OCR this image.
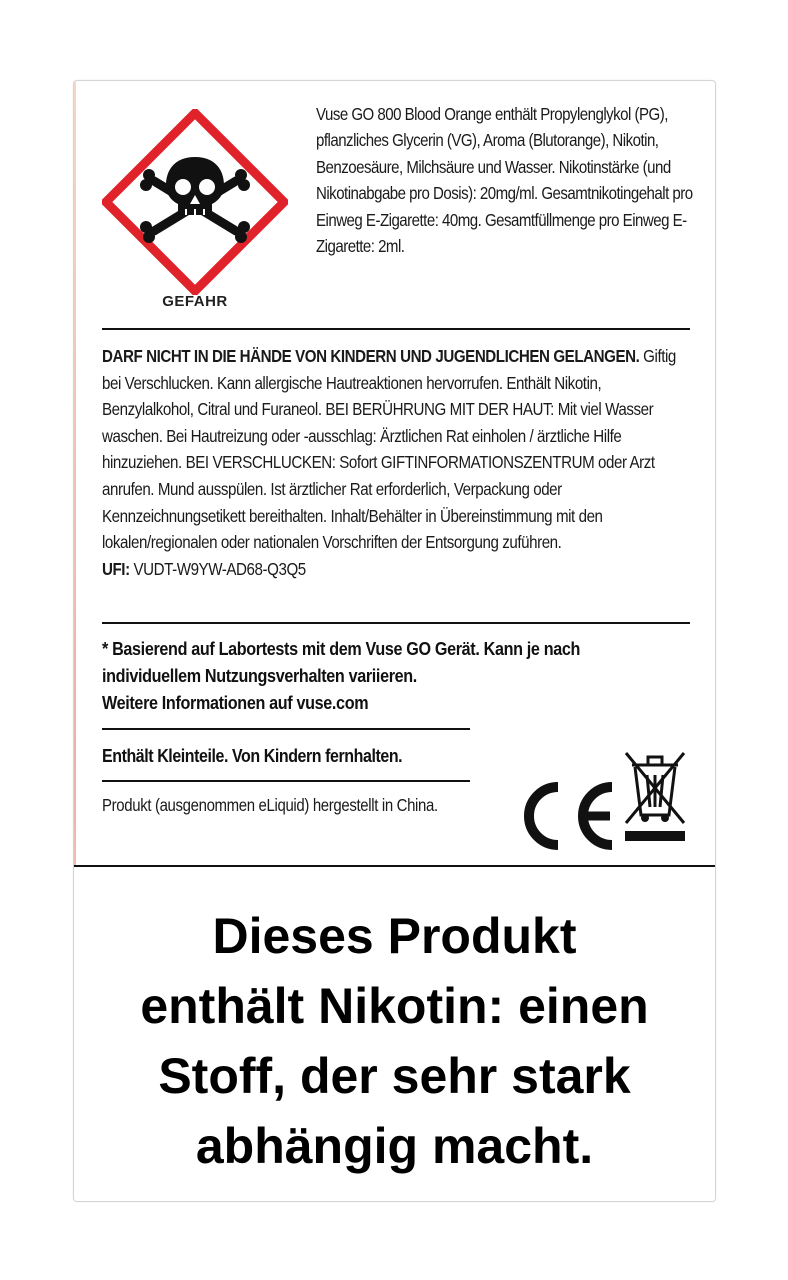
GEFAHR
Vuse GO 800 Blood Orange enthält Propylenglykol (PG), pflanzliches Glycerin (VG), Aroma (Blutorange), Nikotin, Benzoesäure, Milchsäure und Wasser. Nikotinstärke (und Nikotinabgabe pro Dosis): 20mg/ml. Gesamtnikotingehalt pro Einweg E-Zigarette: 40mg. Gesamtfüllmenge pro Einweg E-Zigarette: 2ml.
DARF NICHT IN DIE HÄNDE VON KINDERN UND JUGENDLICHEN GELANGEN. Giftig bei Verschlucken. Kann allergische Hautreaktionen hervorrufen. Enthält Nikotin, Benzylalkohol, Citral und Furaneol. BEI BERÜHRUNG MIT DER HAUT: Mit viel Wasser waschen. Bei Hautreizung oder -ausschlag: Ärztlichen Rat einholen / ärztliche Hilfe hinzuziehen. BEI VERSCHLUCKEN: Sofort GIFTINFORMATIONSZENTRUM oder Arzt anrufen. Mund ausspülen. Ist ärztlicher Rat erforderlich, Verpackung oder Kennzeichnungsetikett bereithalten. Inhalt/Behälter in Übereinstimmung mit den lokalen/regionalen oder nationalen Vorschriften der Entsorgung zuführen.
UFI: VUDT-W9YW-AD68-Q3Q5
* Basierend auf Labortests mit dem Vuse GO Gerät. Kann je nach individuellem Nutzungsverhalten variieren.
Weitere Informationen auf vuse.com
Enthält Kleinteile. Von Kindern fernhalten.
Produkt (ausgenommen eLiquid) hergestellt in China.
Dieses Produkt
enthält Nikotin: einen
Stoff, der sehr stark
abhängig macht.
